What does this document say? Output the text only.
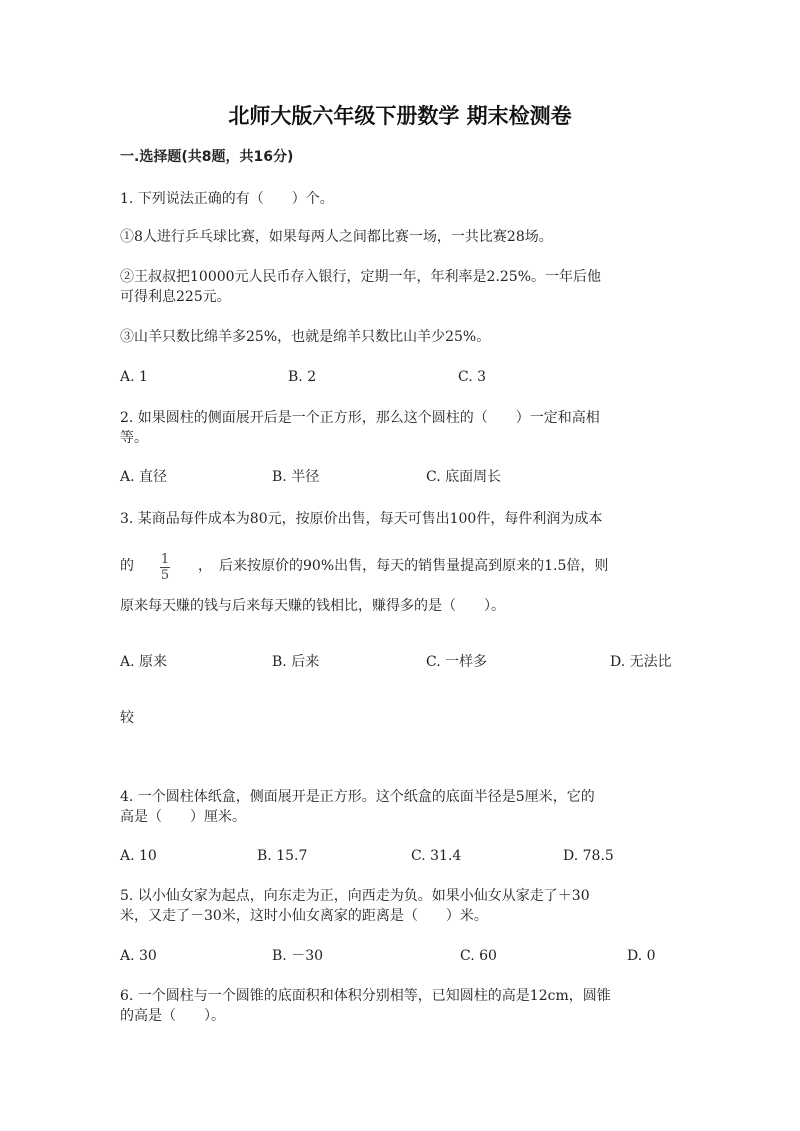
北师大版六年级下册数学 期末检测卷
一.选择题(共8题，共16分)
1. 下列说法正确的有（　　）个。
①8人进行乒乓球比赛，如果每两人之间都比赛一场，一共比赛28场。
②王叔叔把10000元人民币存入银行，定期一年，年利率是2.25%。一年后他
可得利息225元。
③山羊只数比绵羊多25%，也就是绵羊只数比山羊少25%。
A. 1	B. 2	C. 3
2. 如果圆柱的侧面展开后是一个正方形，那么这个圆柱的（　　）一定和高相
等。
A. 直径	B. 半径	C. 底面周长
3. 某商品每件成本为80元，按原价出售，每天可售出100件，每件利润为成本
的 1
5
，　后来按原价的90%出售，每天的销售量提高到原来的1.5倍，则
原来每天赚的钱与后来每天赚的钱相比，赚得多的是（　　）。
A. 原来	B. 后来	C. 一样多	D. 无法比
较
4. 一个圆柱体纸盒，侧面展开是正方形。这个纸盒的底面半径是5厘米，它的
高是（　　）厘米。
A. 10	B. 15.7	C. 31.4	D. 78.5
5. 以小仙女家为起点，向东走为正，向西走为负。如果小仙女从家走了＋30
米，又走了－30米，这时小仙女离家的距离是（　　）米。
A. 30	B. －30	C. 60	D. 0
6. 一个圆柱与一个圆锥的底面积和体积分别相等，已知圆柱的高是12cm，圆锥
的高是（　　）。
